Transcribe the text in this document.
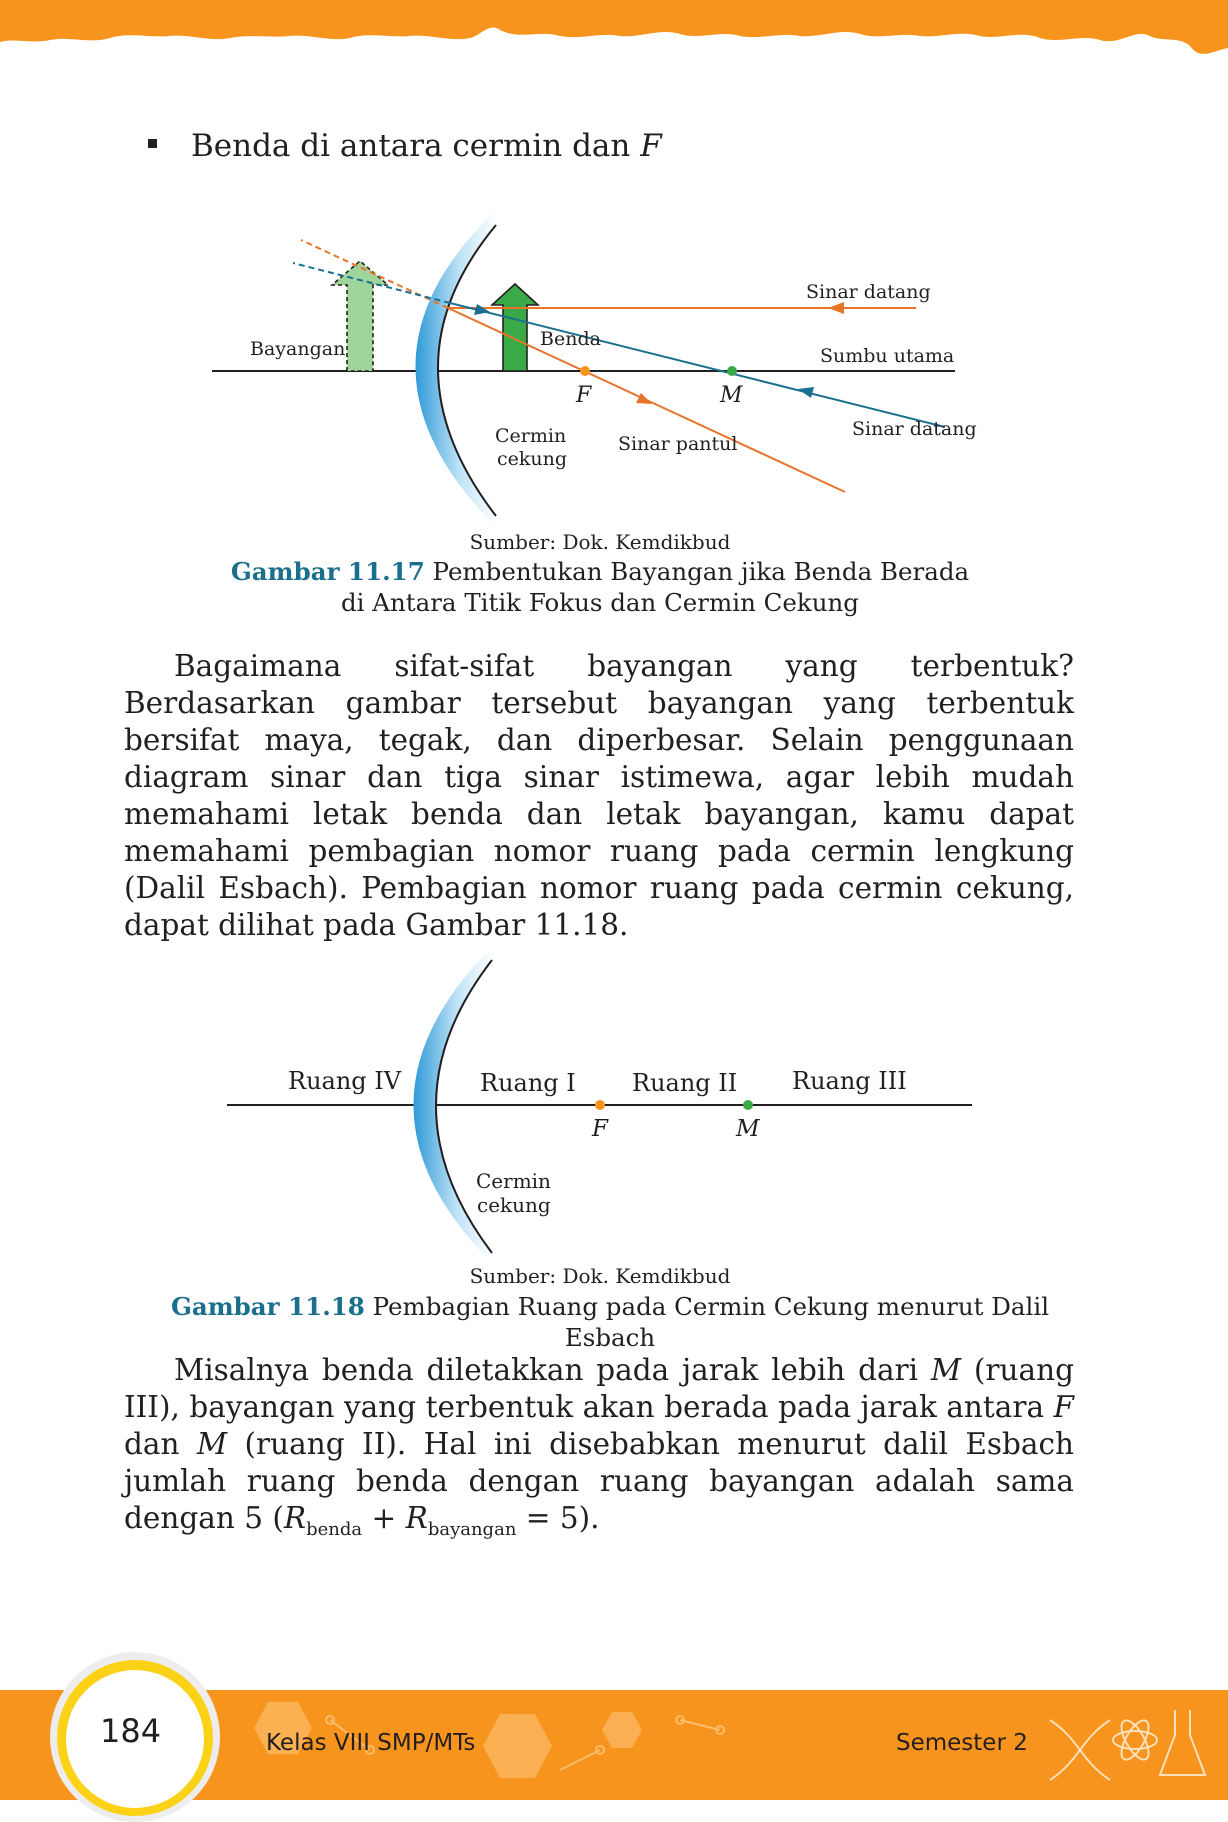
Benda di antara cermin dan F
Bayangan	Benda
Sinar datang
Sumbu utama
Sinar datang
Sinar pantul
Cermin
cekung
F	M
Sumber: Dok. Kemdikbud
Gambar 11.17 Pembentukan Bayangan jika Benda Berada
di Antara Titik Fokus dan Cermin Cekung

Bagaimana sifat-sifat bayangan yang terbentuk? Berdasarkan gambar tersebut bayangan yang terbentuk bersifat maya, tegak, dan diperbesar. Selain penggunaan diagram sinar dan tiga sinar istimewa, agar lebih mudah memahami letak benda dan letak bayangan, kamu dapat memahami pembagian nomor ruang pada cermin lengkung (Dalil Esbach). Pembagian nomor ruang pada cermin cekung, dapat dilihat pada Gambar 11.18.

Ruang IV	Ruang I Ruang II Ruang III
F	M
Cermin
cekung
Sumber: Dok. Kemdikbud
Gambar 11.18 Pembagian Ruang pada Cermin Cekung menurut Dalil Esbach

Misalnya benda diletakkan pada jarak lebih dari M (ruang III), bayangan yang terbentuk akan berada pada jarak antara F dan M (ruang II). Hal ini disebabkan menurut dalil Esbach jumlah ruang benda dengan ruang bayangan adalah sama dengan 5 $(R_{benda} + R_{bayangan} = 5)$.

184	Kelas VIII SMP/MTs	Semester 2
